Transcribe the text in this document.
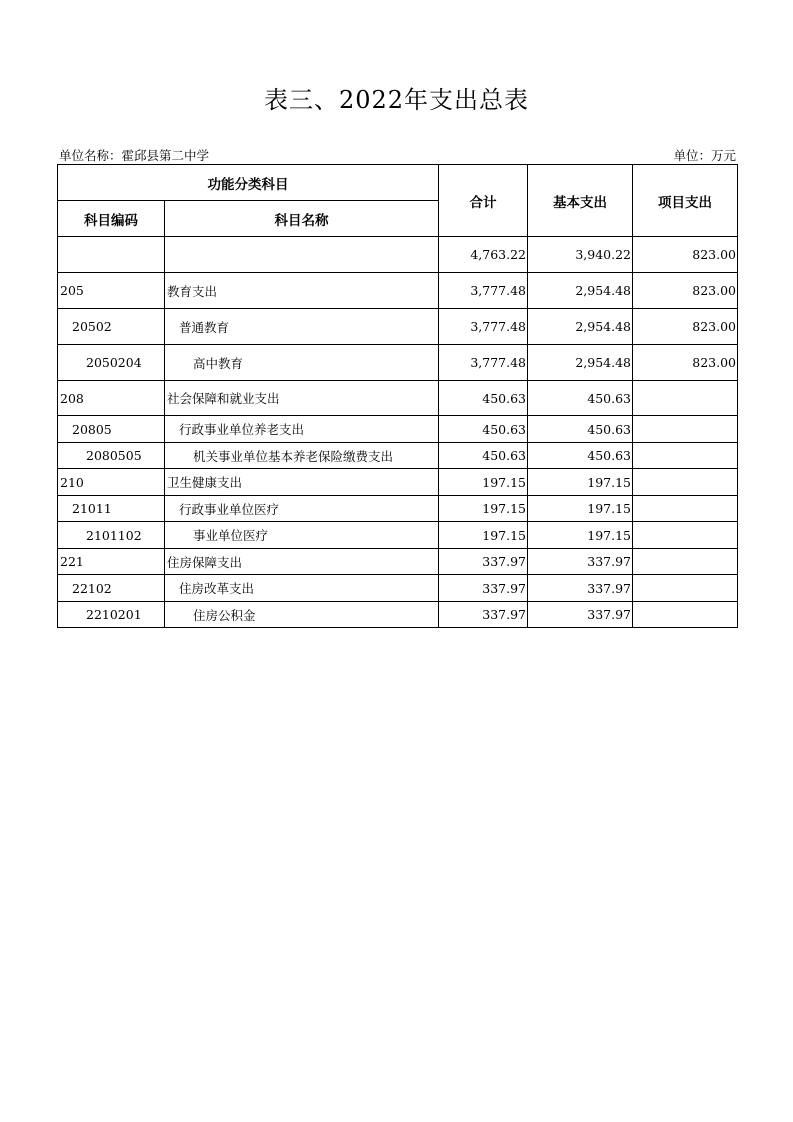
表三、2022年支出总表
单位名称：霍邱县第二中学	单位：万元
功能分类科目		合计	基本支出	项目支出
科目编码	科目名称			
		4,763.22	3,940.22	823.00
205	教育支出	3,777.48	2,954.48	823.00
20502	普通教育	3,777.48	2,954.48	823.00
2050204	高中教育	3,777.48	2,954.48	823.00
208	社会保障和就业支出	450.63	450.63	
20805	行政事业单位养老支出	450.63	450.63	
2080505	机关事业单位基本养老保险缴费支出	450.63	450.63	
210	卫生健康支出	197.15	197.15	
21011	行政事业单位医疗	197.15	197.15	
2101102	事业单位医疗	197.15	197.15	
221	住房保障支出	337.97	337.97	
22102	住房改革支出	337.97	337.97	
2210201	住房公积金	337.97	337.97	
